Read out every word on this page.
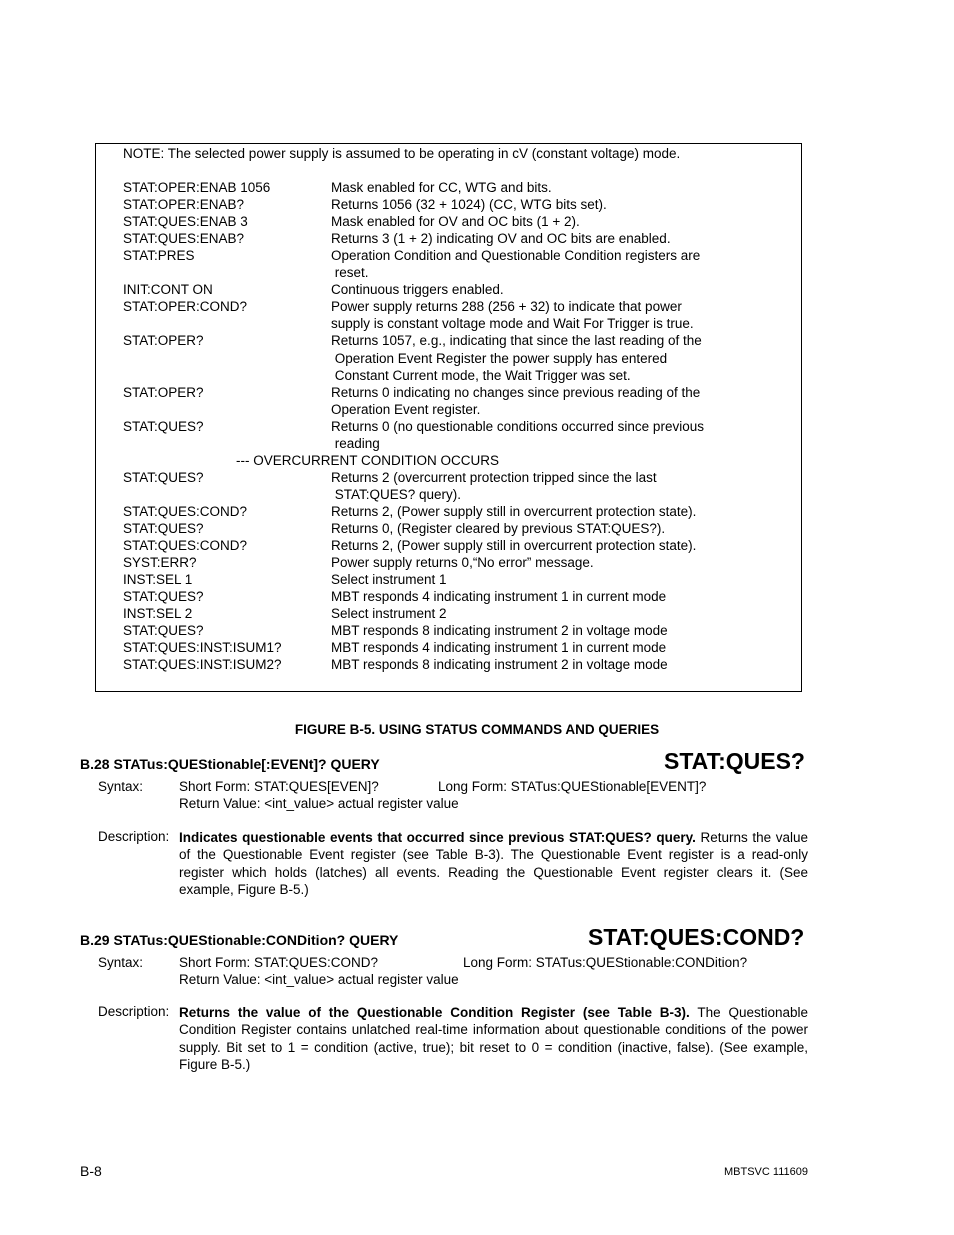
NOTE: The selected power supply is assumed to be operating in cV (constant voltage) mode.
STAT:OPER:ENAB 1056	Mask enabled for CC, WTG and bits.
STAT:OPER:ENAB?	Returns 1056 (32 + 1024) (CC, WTG bits set).
STAT:QUES:ENAB 3	Mask enabled for OV and OC bits (1 + 2).
STAT:QUES:ENAB?	Returns 3 (1 + 2) indicating OV and OC bits are enabled.
STAT:PRES	Operation Condition and Questionable Condition registers are
reset.
INIT:CONT ON	Continuous triggers enabled.
STAT:OPER:COND?	Power supply returns 288 (256 + 32) to indicate that power
supply is constant voltage mode and Wait For Trigger is true.
STAT:OPER?	Returns 1057, e.g., indicating that since the last reading of the
Operation Event Register the power supply has entered
Constant Current mode, the Wait Trigger was set.
STAT:OPER?	Returns 0 indicating no changes since previous reading of the
Operation Event register.
STAT:QUES?	Returns 0 (no questionable conditions occurred since previous
reading
STAT:QUES?	Returns 2 (overcurrent protection tripped since the last
STAT:QUES? query).
STAT:QUES:COND?	Returns 2, (Power supply still in overcurrent protection state).
STAT:QUES?	Returns 0, (Register cleared by previous STAT:QUES?).
STAT:QUES:COND?	Returns 2, (Power supply still in overcurrent protection state).
SYST:ERR?	Power supply returns 0,“No error” message.
INST:SEL 1	Select instrument 1
STAT:QUES?	MBT responds 4 indicating instrument 1 in current mode
INST:SEL 2	Select instrument 2
STAT:QUES?	MBT responds 8 indicating instrument 2 in voltage mode
STAT:QUES:INST:ISUM1?	MBT responds 4 indicating instrument 1 in current mode
STAT:QUES:INST:ISUM2?	MBT responds 8 indicating instrument 2 in voltage mode
--- OVERCURRENT CONDITION OCCURS
FIGURE B-5. USING STATUS COMMANDS AND QUERIES
B.28 STATus:QUEStionable[:EVENt]? QUERY	STAT:QUES?
Syntax:	Short Form: STAT:QUES[EVEN]?	Long Form: STATus:QUEStionable[EVENT]?
Return Value: <int_value> actual register value
Description: Indicates questionable events that occurred since previous STAT:QUES? query. Returns the value of the Questionable Event register (see Table B-3). The Questionable Event register is a read-only register which holds (latches) all events. Reading the Questionable Event register clears it. (See example, Figure B-5.)
B.29 STATus:QUEStionable:CONDition? QUERY	STAT:QUES:COND?
Syntax:	Short Form: STAT:QUES:COND?	Long Form: STATus:QUEStionable:CONDition?
Return Value: <int_value> actual register value
Description: Returns the value of the Questionable Condition Register (see Table B-3). The Questionable Condition Register contains unlatched real-time information about questionable conditions of the power supply. Bit set to 1 = condition (active, true); bit reset to 0 = condition (inactive, false). (See example, Figure B-5.)
B-8	MBTSVC 111609
